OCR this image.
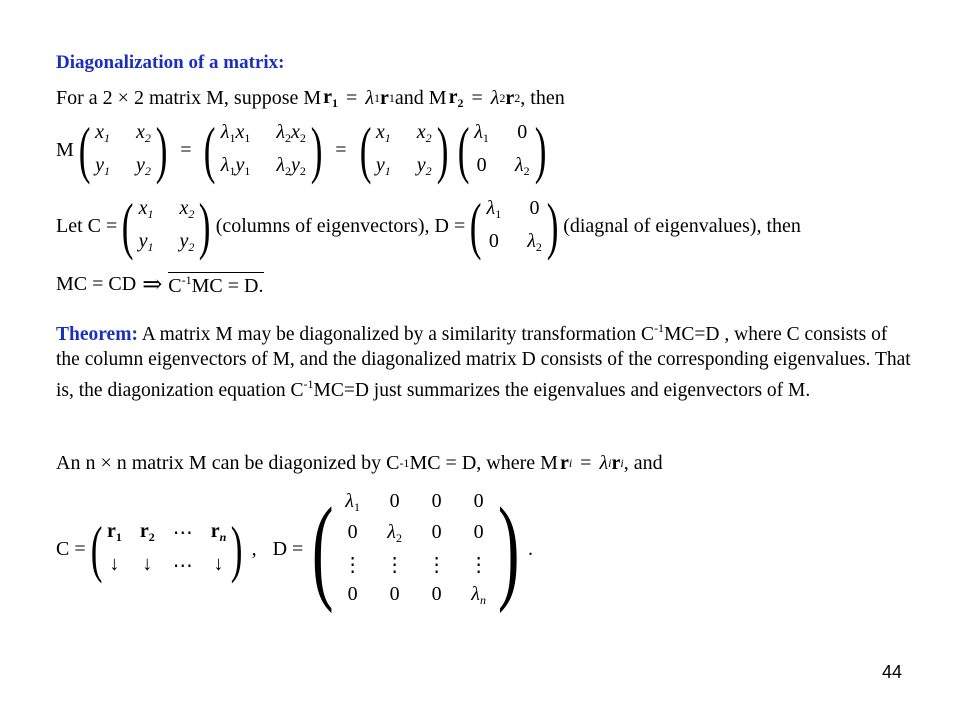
Diagonalization of a matrix:
For a 2 × 2 matrix M, suppose M $r_1 = \lambda$ 1 r 1 and M $r_2 = \lambda$ 2 r 2 , then
M ( $x_1$ $x_2$
$y_1$ $y_2$ ) = ( $\lambda_1x_1$ $\lambda_2x_2$
$\lambda_1y_1$ $\lambda_2y_2$ ) = ( $x_1$ $x_2$
$y_1$ $y_2$ ) ( $\lambda_1$ 0
0 $\lambda_2$ )
Let C = ( $x_1$ $x_2$
$y_1$ $y_2$ ) (columns of eigenvectors), D = ( $\lambda_1$ 0
0 $\lambda_2$ ) (diagnal of eigenvalues), then
MC = CD ⇒ $C^{-1}MC = D$.
Theorem: A matrix M may be diagonalized by a similarity transformation $C^{-1}MC=D$ , where C consists of the column eigenvectors of M, and the diagonalized matrix D consists of the corresponding eigenvalues. That is, the diagonization equation $C^{-1}MC=D$ just summarizes the eigenvalues and eigenvectors of M.
An n × n matrix M can be diagonized by C -1 MC = D, where M r i = λ i r i , and
C = ( $r_1$ $r_2$ ⋯ $r_n$
↓ ↓ ⋯ ↓ ) , D = ( $\lambda_1$ 0 0 0
0 $\lambda_2$ 0 0
⋮ ⋮ ⋮ ⋮
0 0 0 $\lambda_n$ ) .
44
